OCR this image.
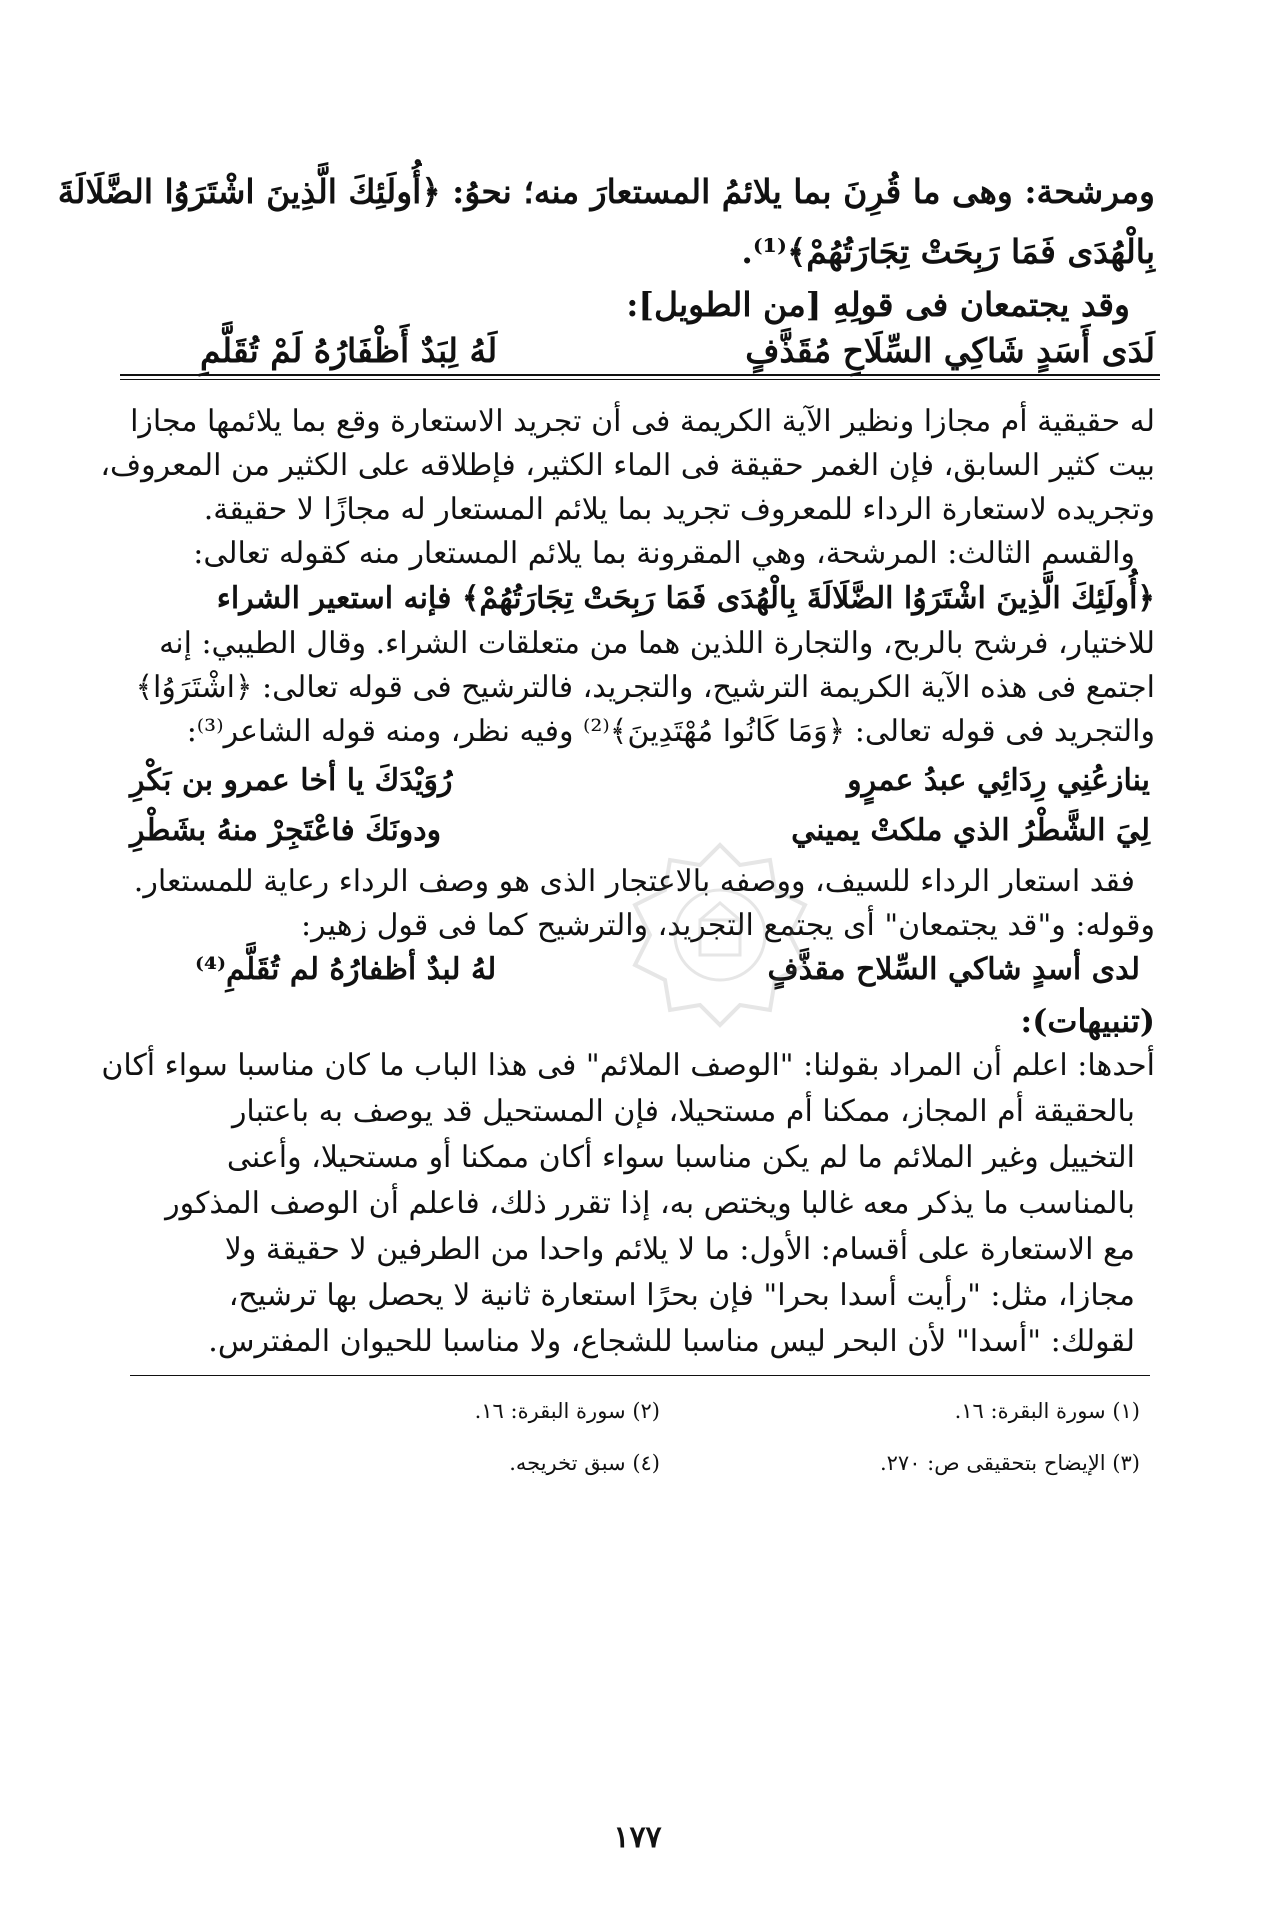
ومرشحة: وهى ما قُرِنَ بما يلائمُ المستعارَ منه؛ نحوُ: ﴿أُولَئِكَ الَّذِينَ اشْتَرَوُا الضَّلَالَةَ
بِالْهُدَى فَمَا رَبِحَتْ تِجَارَتُهُمْ﴾⁽¹⁾.
وقد يجتمعان فى قولِهِ [من الطويل]:
لَدَى أَسَدٍ شَاكِي السِّلَاحِ مُقَذَّفٍ
لَهُ لِبَدٌ أَظْفَارُهُ لَمْ تُقَلَّمِ
له حقيقية أم مجازا ونظير الآية الكريمة فى أن تجريد الاستعارة وقع بما يلائمها مجازا
بيت كثير السابق، فإن الغمر حقيقة فى الماء الكثير، فإطلاقه على الكثير من المعروف،
وتجريده لاستعارة الرداء للمعروف تجريد بما يلائم المستعار له مجازًا لا حقيقة.
والقسم الثالث: المرشحة، وهي المقرونة بما يلائم المستعار منه كقوله تعالى:
﴿أُولَئِكَ الَّذِينَ اشْتَرَوُا الضَّلَالَةَ بِالْهُدَى فَمَا رَبِحَتْ تِجَارَتُهُمْ﴾ فإنه استعير الشراء
للاختيار، فرشح بالربح، والتجارة اللذين هما من متعلقات الشراء. وقال الطيبي: إنه
اجتمع فى هذه الآية الكريمة الترشيح، والتجريد، فالترشيح فى قوله تعالى: ﴿اشْتَرَوُا﴾
والتجريد فى قوله تعالى: ﴿وَمَا كَانُوا مُهْتَدِينَ﴾⁽²⁾ وفيه نظر، ومنه قوله الشاعر⁽³⁾:
ينازعُنِي رِدَائِي عبدُ عمرٍو
رُوَيْدَكَ يا أخا عمرو بن بَكْرِ
لِيَ الشَّطْرُ الذي ملكتْ يميني
ودونَكَ فاعْتَجِرْ منهُ بشَطْرِ
فقد استعار الرداء للسيف، ووصفه بالاعتجار الذى هو وصف الرداء رعاية للمستعار.
وقوله: و"قد يجتمعان" أى يجتمع التجريد، والترشيح كما فى قول زهير:
لدى أسدٍ شاكي السِّلاح مقذَّفٍ
لهُ لبدٌ أظفارُهُ لم تُقَلَّمِ⁽⁴⁾
(تنبيهات):
أحدها: اعلم أن المراد بقولنا: "الوصف الملائم" فى هذا الباب ما كان مناسبا سواء أكان
بالحقيقة أم المجاز، ممكنا أم مستحيلا، فإن المستحيل قد يوصف به باعتبار
التخييل وغير الملائم ما لم يكن مناسبا سواء أكان ممكنا أو مستحيلا، وأعنى
بالمناسب ما يذكر معه غالبا ويختص به، إذا تقرر ذلك، فاعلم أن الوصف المذكور
مع الاستعارة على أقسام: الأول: ما لا يلائم واحدا من الطرفين لا حقيقة ولا
مجازا، مثل: "رأيت أسدا بحرا" فإن بحرًا استعارة ثانية لا يحصل بها ترشيح،
لقولك: "أسدا" لأن البحر ليس مناسبا للشجاع، ولا مناسبا للحيوان المفترس.
(١) سورة البقرة: ١٦.
(٢) سورة البقرة: ١٦.
(٣) الإيضاح بتحقيقى ص: ٢٧٠.
(٤) سبق تخريجه.
١٧٧
